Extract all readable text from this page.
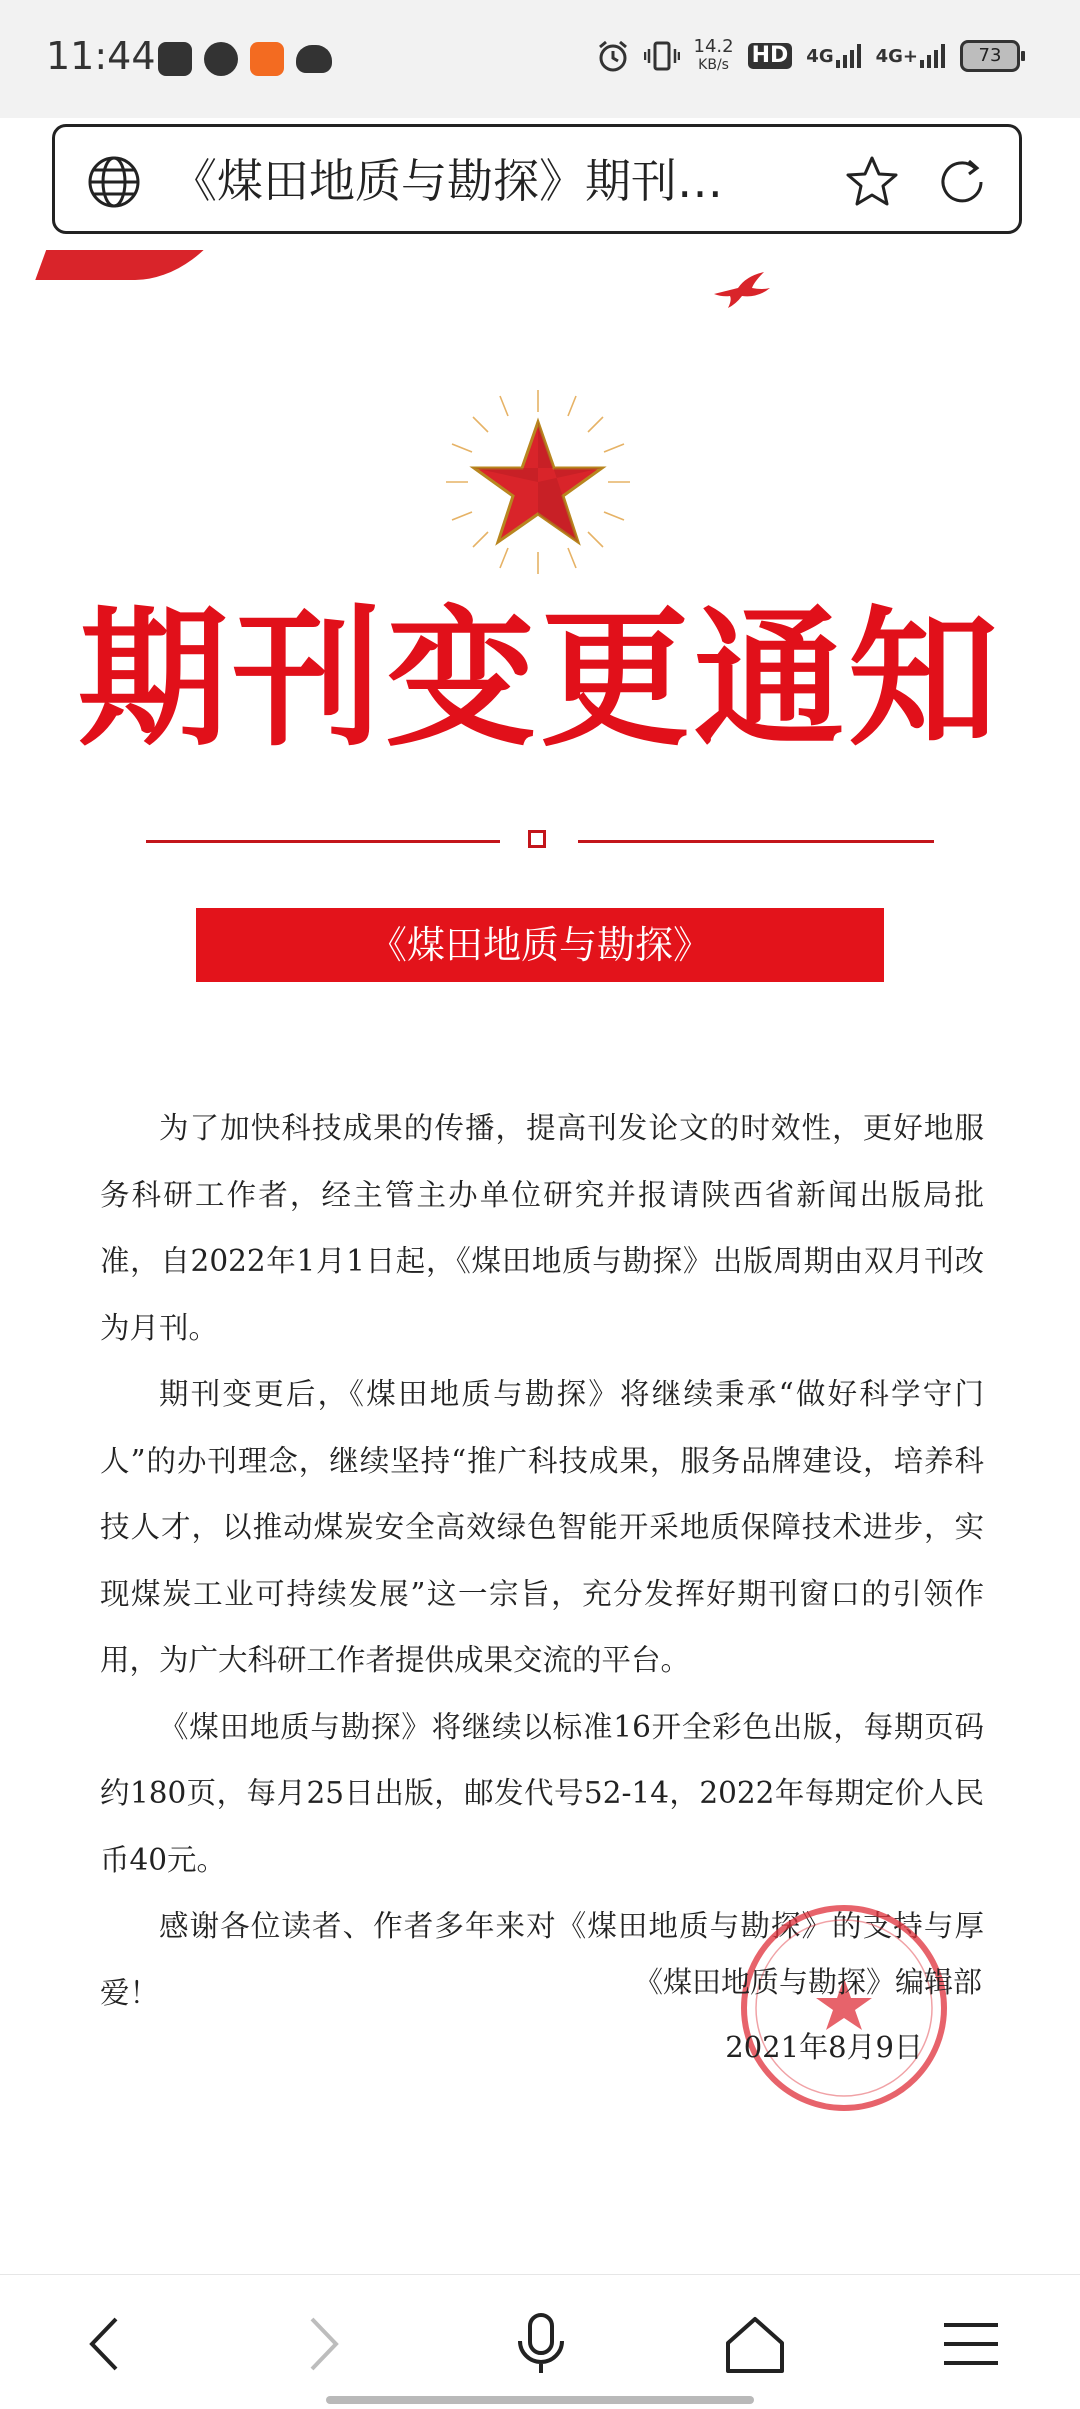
11:44	14.2
KB/s HD 4G 4G+	73
《煤田地质与勘探》期刊…
期刊变更通知
《煤田地质与勘探》

为了加快科技成果的传播，提高刊发论文的时效性，更好地服务科研工作者，经主管主办单位研究并报请陕西省新闻出版局批准，自2022年1月1日起，《煤田地质与勘探》出版周期由双月刊改为月刊。

期刊变更后，《煤田地质与勘探》将继续秉承“做好科学守门人”的办刊理念，继续坚持“推广科技成果，服务品牌建设，培养科技人才，以推动煤炭安全高效绿色智能开采地质保障技术进步，实现煤炭工业可持续发展”这一宗旨，充分发挥好期刊窗口的引领作用，为广大科研工作者提供成果交流的平台。

《煤田地质与勘探》将继续以标准16开全彩色出版，每期页码约180页，每月25日出版，邮发代号52-14，2022年每期定价人民币40元。

感谢各位读者、作者多年来对《煤田地质与勘探》的支持与厚爱！	《煤田地质与勘探》编辑部
2021年8月9日
